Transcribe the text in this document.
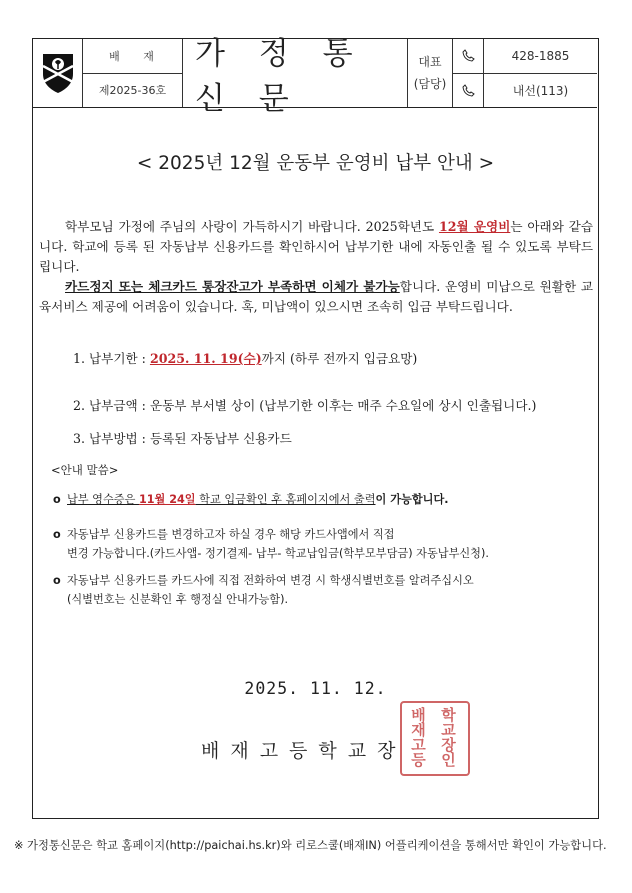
배 재
제2025-36호
가 정 통 신 문
대표
(담당)
428-1885
내선(113)
< 2025년 12월 운동부 운영비 납부 안내 >
학부모님 가정에 주님의 사랑이 가득하시기 바랍니다. 2025학년도 12월 운영비는 아래와 같습니다. 학교에 등록 된 자동납부 신용카드를 확인하시어 납부기한 내에 자동인출 될 수 있도록 부탁드립니다.
카드정지 또는 체크카드 통장잔고가 부족하면 이체가 불가능합니다. 운영비 미납으로 원활한 교육서비스 제공에 어려움이 있습니다. 혹, 미납액이 있으시면 조속히 입금 부탁드립니다.
1. 납부기한 : 2025. 11. 19(수)까지 (하루 전까지 입금요망)
2. 납부금액 : 운동부 부서별 상이 (납부기한 이후는 매주 수요일에 상시 인출됩니다.)
3. 납부방법 : 등록된 자동납부 신용카드
<안내 말씀>
o 납부 영수증은 11월 24일 학교 입금확인 후 홈페이지에서 출력이 가능합니다.
o 자동납부 신용카드를 변경하고자 하실 경우 해당 카드사앱에서 직접
변경 가능합니다.(카드사앱- 정기결제- 납부- 학교납입금(학부모부담금) 자동납부신청).
o 자동납부 신용카드를 카드사에 직접 전화하여 변경 시 학생식별번호를 알려주십시오
(식별번호는 신분확인 후 행정실 안내가능함).
2025. 11. 12.
배재고등학교장 배재고등 학교장인
※ 가정통신문은 학교 홈페이지(http://paichai.hs.kr)와 리로스쿨(배재IN) 어플리케이션을 통해서만 확인이 가능합니다.
